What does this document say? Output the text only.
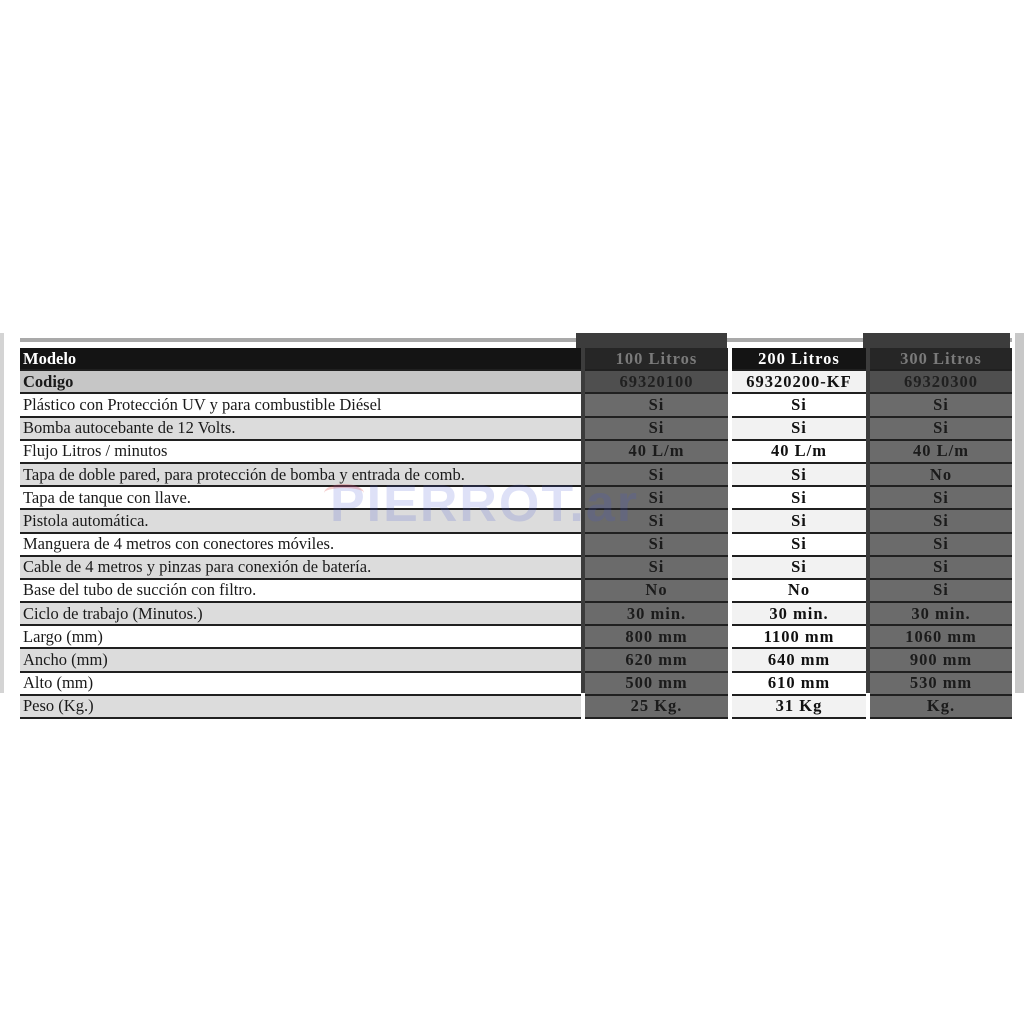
Modelo		100 Litros		200 Litros		300 Litros
Codigo		69320100		69320200-KF		69320300
Plástico con Protección UV y para combustible Diésel		Si		Si		Si
Bomba autocebante de 12 Volts.		Si		Si		Si
Flujo Litros / minutos		40 L/m		40 L/m		40 L/m
Tapa de doble pared, para protección de bomba y entrada de comb.		Si		Si		No
Tapa de tanque con llave.		Si		Si		Si
Pistola automática.		Si		Si		Si
Manguera de 4 metros con conectores móviles.		Si		Si		Si
Cable de 4 metros y pinzas para conexión de batería.		Si		Si		Si
Base del tubo de succión con filtro.		No		No		Si
Ciclo de trabajo (Minutos.)		30 min.		30 min.		30 min.
Largo (mm)		800 mm		1100 mm		1060 mm
Ancho (mm)		620 mm		640 mm		900 mm
Alto (mm)		500 mm		610 mm		530 mm
Peso (Kg.)		25 Kg.		31 Kg		Kg.
